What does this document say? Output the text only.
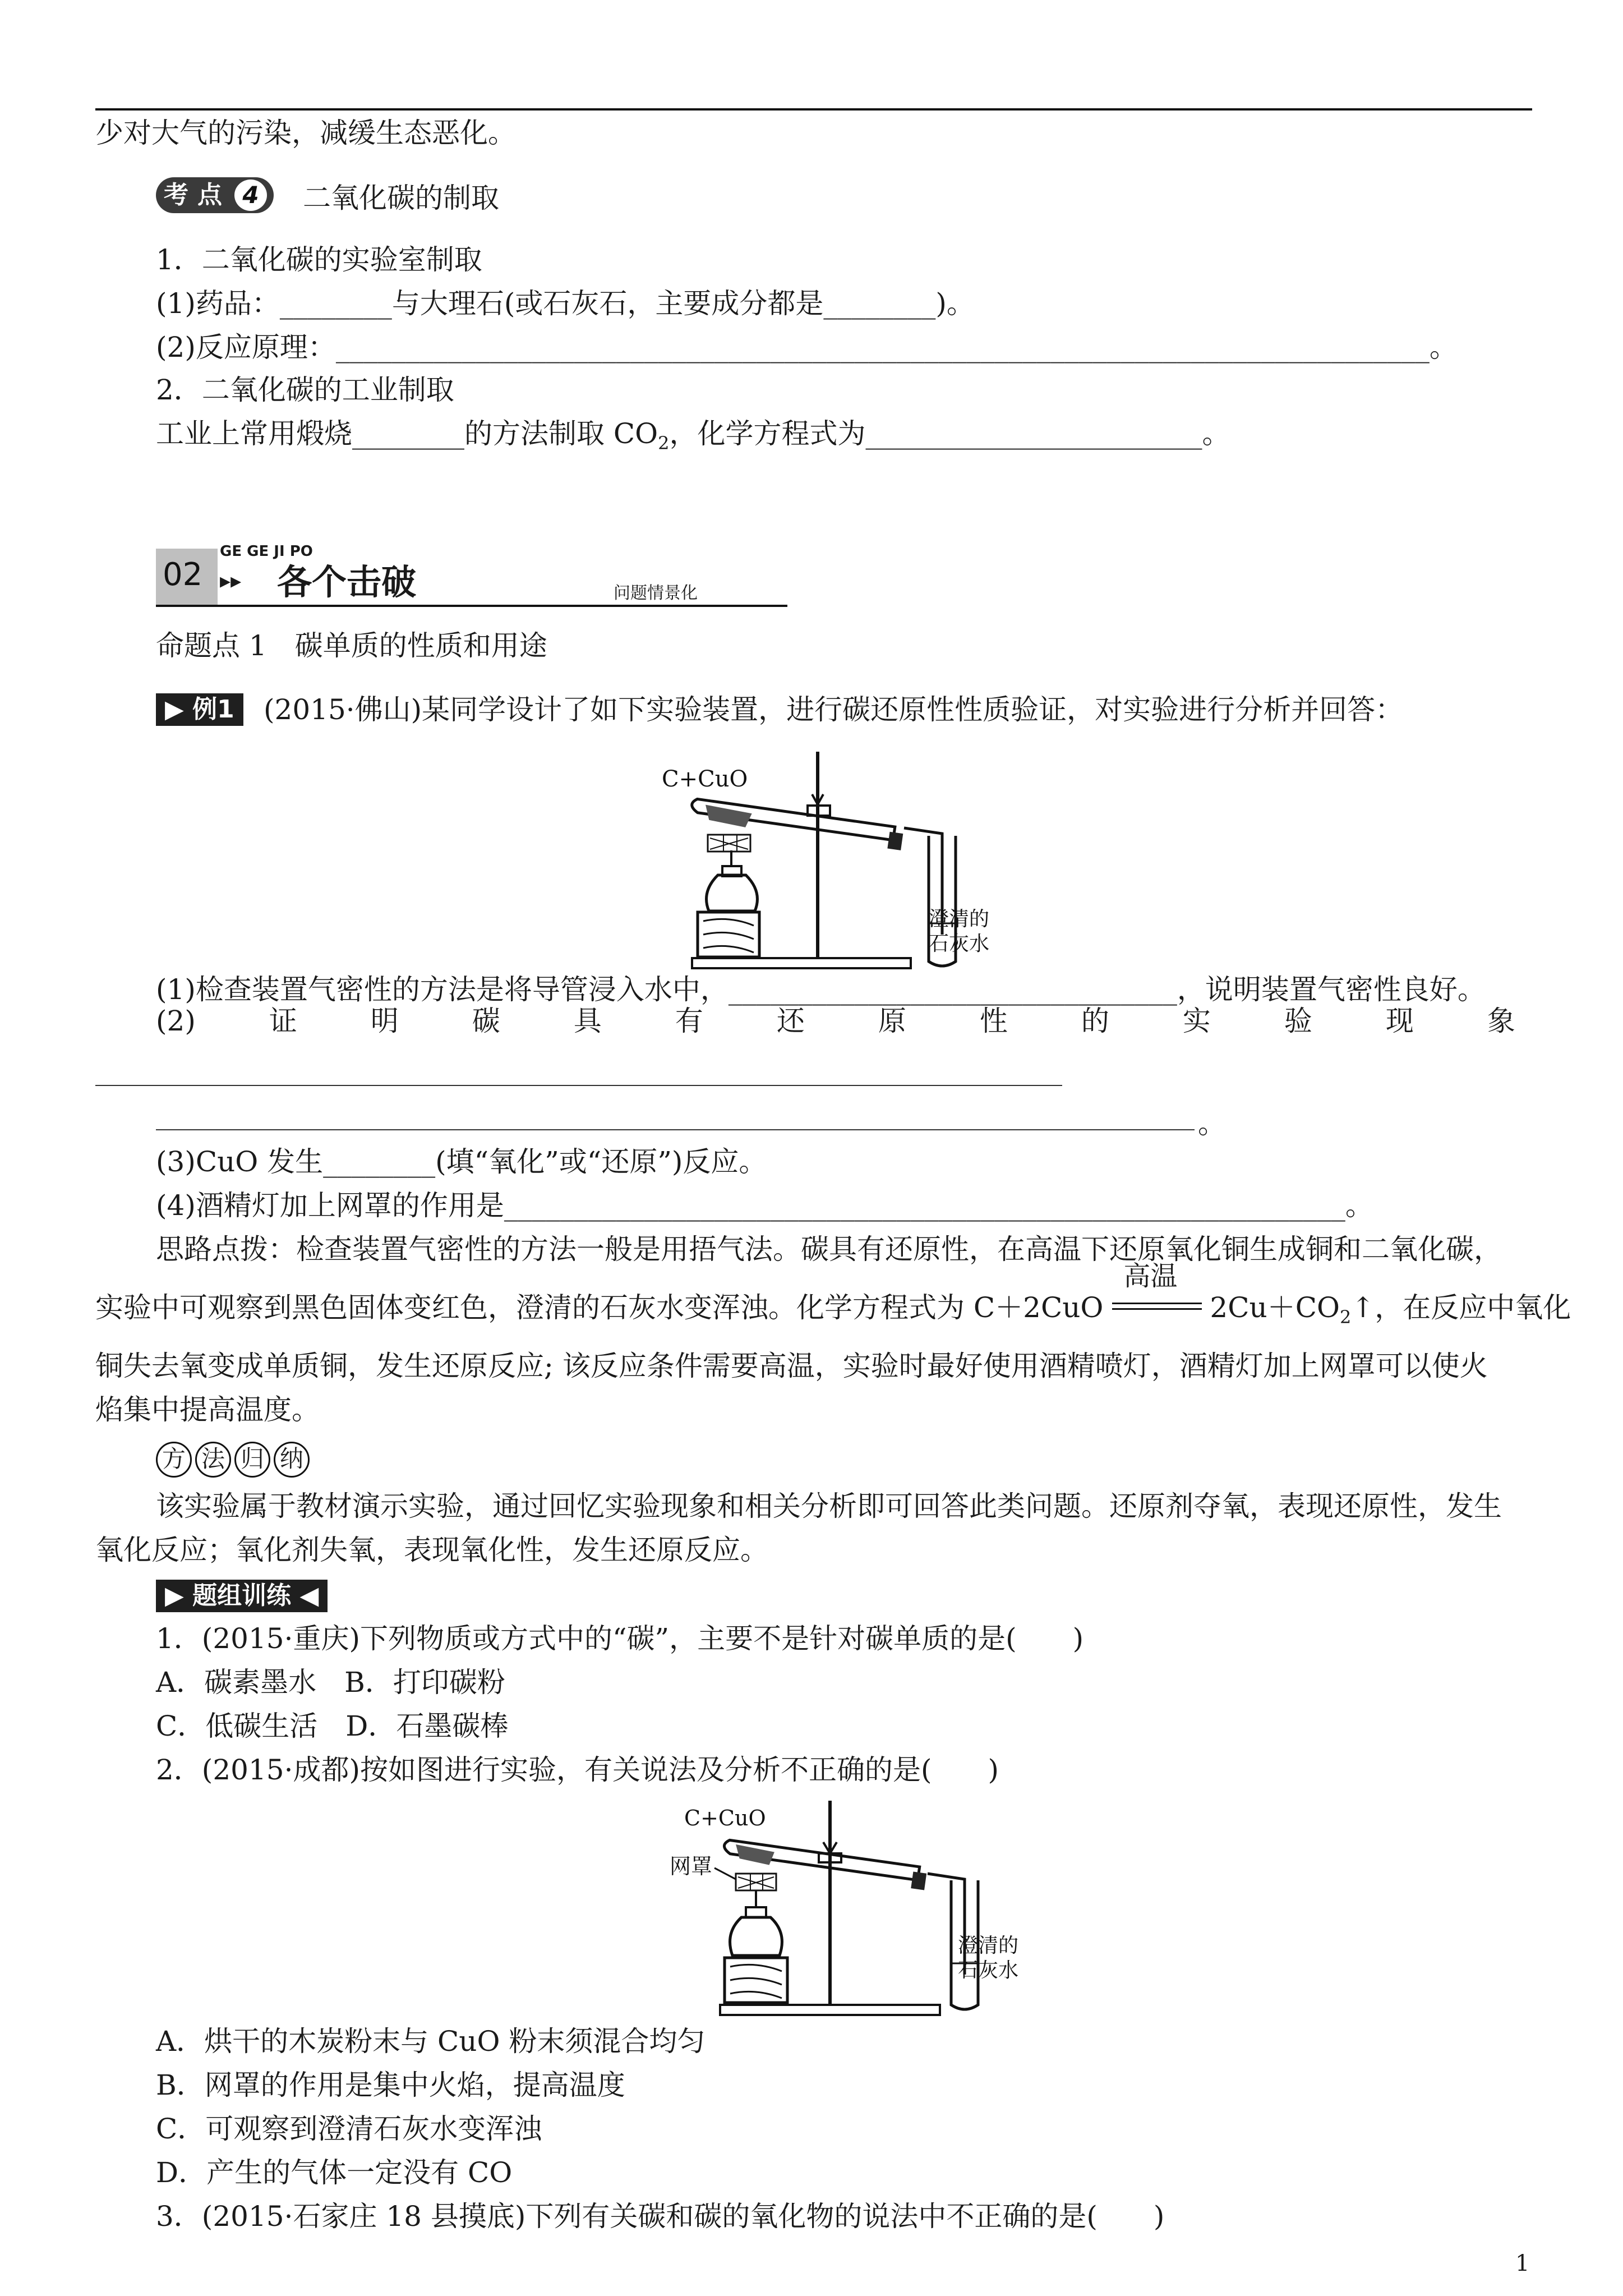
少对大气的污染，减缓生态恶化。
考 点 4 二氧化碳的制取
1．二氧化碳的实验室制取
(1)药品：________与大理石(或石灰石，主要成分都是________)。
(2)反应原理：______________________________________________________________________________。
2．二氧化碳的工业制取
工业上常用煅烧________的方法制取 $CO_2$，化学方程式为________________________。
02 ▸▸
GE GE JI PO
各个击破	问题情景化
命题点 1　碳单质的性质和用途
▶ 例1	(2015·佛山)某同学设计了如下实验装置，进行碳还原性性质验证，对实验进行分析并回答：
C+CuO
澄清的
石灰水
(1)检查装置气密性的方法是将导管浸入水中，________________________________，说明装置气密性良好。
(2)	证	明	碳	具	有	还	原	性	的	实	验	现	象
。
(3)CuO 发生________(填“氧化”或“还原”)反应。
(4)酒精灯加上网罩的作用是____________________________________________________________。
思路点拨：检查装置气密性的方法一般是用捂气法。碳具有还原性，在高温下还原氧化铜生成铜和二氧化碳，
实验中可观察到黑色固体变红色，澄清的石灰水变浑浊。化学方程式为 C＋2CuO
高温
$2Cu+CO_2↑$，在反应中氧化
铜失去氧变成单质铜，发生还原反应; 该反应条件需要高温，实验时最好使用酒精喷灯，酒精灯加上网罩可以使火
焰集中提高温度。
方 法 归 纳
该实验属于教材演示实验，通过回忆实验现象和相关分析即可回答此类问题。还原剂夺氧，表现还原性，发生
氧化反应；氧化剂失氧，表现氧化性，发生还原反应。
▶ 题组训练 ◀
1．(2015·重庆)下列物质或方式中的“碳”，主要不是针对碳单质的是(　　)
A．碳素墨水　B．打印碳粉
C．低碳生活　D．石墨碳棒
2．(2015·成都)按如图进行实验，有关说法及分析不正确的是(　　)
C+CuO
网罩
澄清的
石灰水
A．烘干的木炭粉末与 CuO 粉末须混合均匀
B．网罩的作用是集中火焰，提高温度
C．可观察到澄清石灰水变浑浊
D．产生的气体一定没有 CO
3．(2015·石家庄 18 县摸底)下列有关碳和碳的氧化物的说法中不正确的是(　　)
1
